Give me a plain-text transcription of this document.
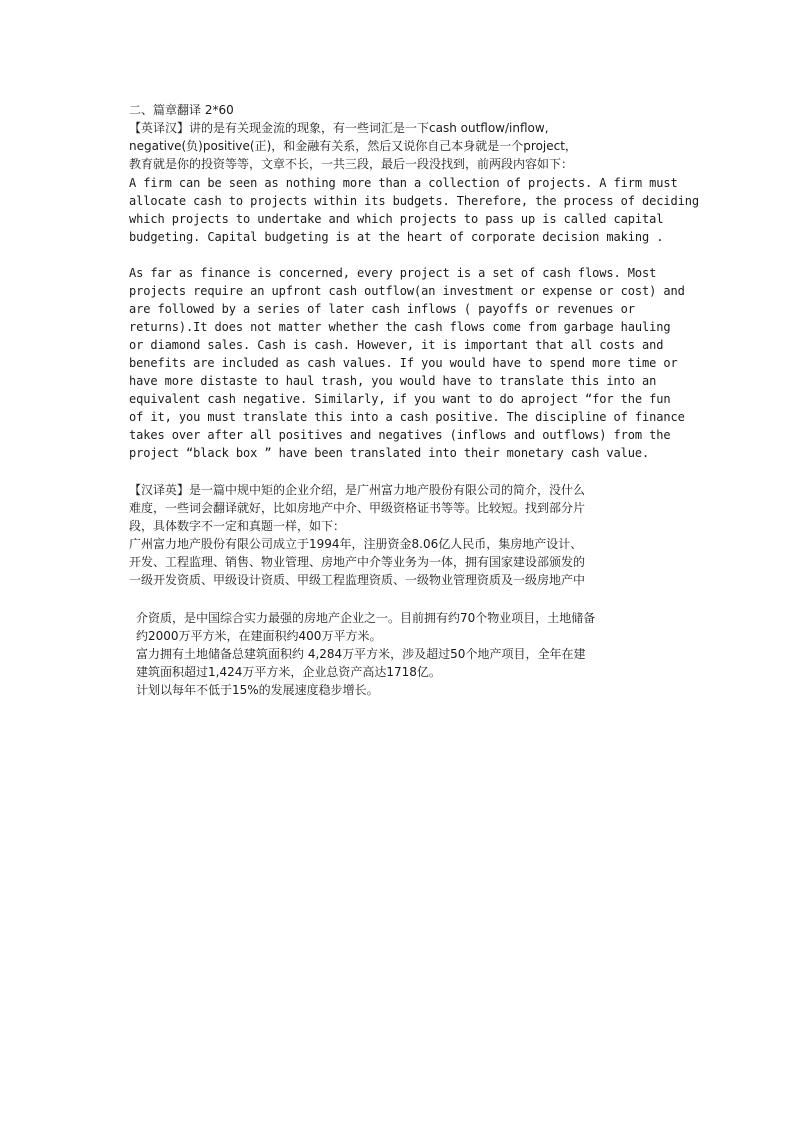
二、篇章翻译 2*60
【英译汉】讲的是有关现金流的现象，有一些词汇是一下cash outflow/inflow,
negative(负)positive(正)，和金融有关系，然后又说你自己本身就是一个project，
教育就是你的投资等等，文章不长，一共三段，最后一段没找到，前两段内容如下：
A firm can be seen as nothing more than a collection of projects. A firm must
allocate cash to projects within its budgets. Therefore, the process of deciding
which projects to undertake and which projects to pass up is called capital
budgeting. Capital budgeting is at the heart of corporate decision making .
As far as finance is concerned, every project is a set of cash flows. Most
projects require an upfront cash outflow(an investment or expense or cost) and
are followed by a series of later cash inflows ( payoffs or revenues or
returns).It does not matter whether the cash flows come from garbage hauling
or diamond sales. Cash is cash. However, it is important that all costs and
benefits are included as cash values. If you would have to spend more time or
have more distaste to haul trash, you would have to translate this into an
equivalent cash negative. Similarly, if you want to do aproject “for the fun
of it, you must translate this into a cash positive. The discipline of finance
takes over after all positives and negatives (inflows and outflows) from the
project “black box ” have been translated into their monetary cash value.
【汉译英】是一篇中规中矩的企业介绍，是广州富力地产股份有限公司的简介，没什么
难度，一些词会翻译就好，比如房地产中介、甲级资格证书等等。比较短。找到部分片
段，具体数字不一定和真题一样，如下：
广州富力地产股份有限公司成立于1994年，注册资金8.06亿人民币，集房地产设计、
开发、工程监理、销售、物业管理、房地产中介等业务为一体，拥有国家建设部颁发的
一级开发资质、甲级设计资质、甲级工程监理资质、一级物业管理资质及一级房地产中
介资质，是中国综合实力最强的房地产企业之一。目前拥有约70个物业项目，土地储备
约2000万平方米，在建面积约400万平方米。
富力拥有土地储备总建筑面积约 4,284万平方米，涉及超过50个地产项目，全年在建
建筑面积超过1,424万平方米，企业总资产高达1718亿。
计划以每年不低于15%的发展速度稳步增长。
